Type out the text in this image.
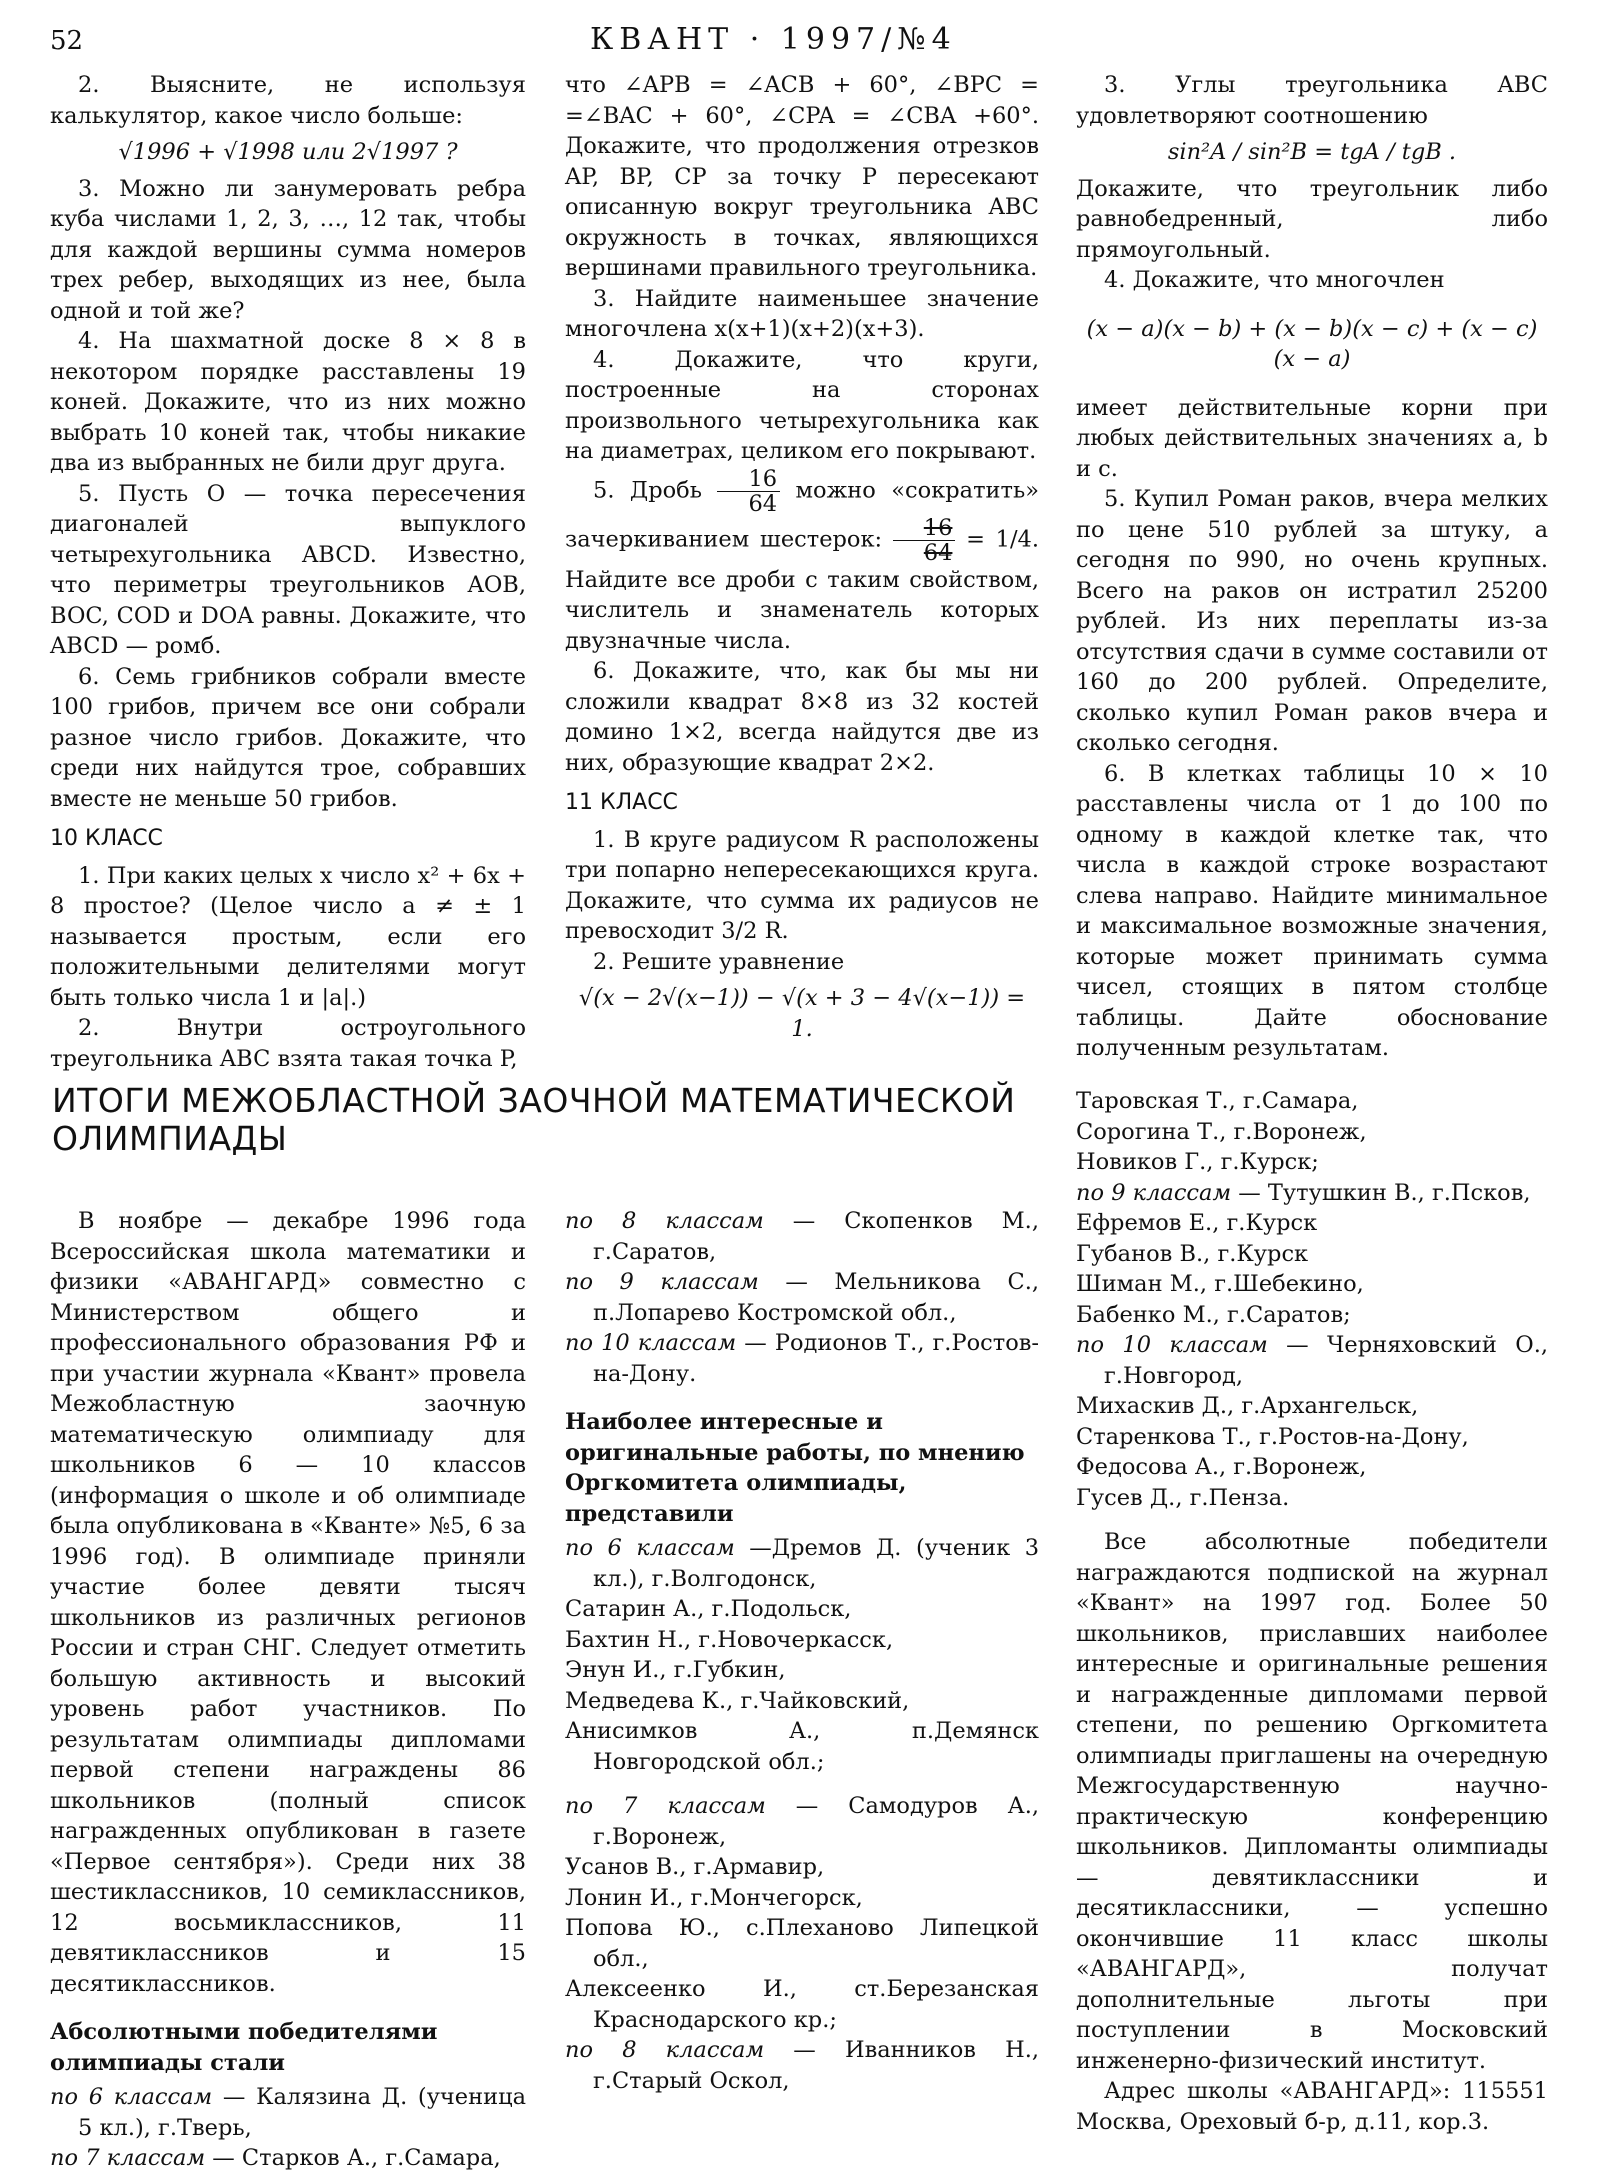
52	КВАНТ · 1997/№4

2. Выясните, не используя калькулятор, какое число больше:

√1996 + √1998 или 2√1997 ?

3. Можно ли занумеровать ребра куба числами 1, 2, 3, …, 12 так, чтобы для каждой вершины сумма номеров трех ребер, выходящих из нее, была одной и той же?

4. На шахматной доске 8 × 8 в некотором порядке расставлены 19 коней. Докажите, что из них можно выбрать 10 коней так, чтобы никакие два из выбранных не били друг друга.

5. Пусть O — точка пересечения диагоналей выпуклого четырехугольника ABCD. Известно, что периметры треугольников AOB, BOC, COD и DOA равны. Докажите, что ABCD — ромб.

6. Семь грибников собрали вместе 100 грибов, причем все они собрали разное число грибов. Докажите, что среди них найдутся трое, собравших вместе не меньше 50 грибов.

10 КЛАСС

1. При каких целых x число x² + 6x + 8 простое? (Целое число a ≠ ± 1 называется простым, если его положительными делителями могут быть только числа 1 и |a|.)

2. Внутри остроугольного треугольника ABC взята такая точка P,

что ∠APB = ∠ACB + 60°, ∠BPC = =∠BAC + 60°, ∠CPA = ∠CBA +60°. Докажите, что продолжения отрезков AP, BP, CP за точку P пересекают описанную вокруг треугольника ABC окружность в точках, являющихся вершинами правильного треугольника.

3. Найдите наименьшее значение многочлена x(x+1)(x+2)(x+3).

4. Докажите, что круги, построенные на сторонах произвольного четырехугольника как на диаметрах, целиком его покрывают.

5. Дробь $\frac{16}{64}$ можно «сократить» зачеркиванием шестерок: $\frac{16}{64} = 1/4$. Найдите все дроби с таким свойством, числитель и знаменатель которых двузначные числа.

6. Докажите, что, как бы мы ни сложили квадрат 8×8 из 32 костей домино 1×2, всегда найдутся две из них, образующие квадрат 2×2.

11 КЛАСС

1. В круге радиусом R расположены три попарно непересекающихся круга. Докажите, что сумма их радиусов не превосходит 3/2 R.

2. Решите уравнение

√(x − 2√(x−1)) − √(x + 3 − 4√(x−1)) = 1.

3. Углы треугольника ABC удовлетворяют соотношению

sin²A / sin²B = tgA / tgB .

Докажите, что треугольник либо равнобедренный, либо прямоугольный.

4. Докажите, что многочлен

(x − a)(x − b) + (x − b)(x − c) + (x − c)(x − a)

имеет действительные корни при любых действительных значениях a, b и c.

5. Купил Роман раков, вчера мелких по цене 510 рублей за штуку, а сегодня по 990, но очень крупных. Всего на раков он истратил 25200 рублей. Из них переплаты из-за отсутствия сдачи в сумме составили от 160 до 200 рублей. Определите, сколько купил Роман раков вчера и сколько сегодня.

6. В клетках таблицы 10 × 10 расставлены числа от 1 до 100 по одному в каждой клетке так, что числа в каждой строке возрастают слева направо. Найдите минимальное и максимальное возможные значения, которые может принимать сумма чисел, стоящих в пятом столбце таблицы. Дайте обоснование полученным результатам.

ИТОГИ МЕЖОБЛАСТНОЙ ЗАОЧНОЙ МАТЕМАТИЧЕСКОЙ ОЛИМПИАДЫ

В ноябре — декабре 1996 года Всероссийская школа математики и физики «АВАНГАРД» совместно с Министерством общего и профессионального образования РФ и при участии журнала «Квант» провела Межобластную заочную математическую олимпиаду для школьников 6 — 10 классов (информация о школе и об олимпиаде была опубликована в «Кванте» №5, 6 за 1996 год). В олимпиаде приняли участие более девяти тысяч школьников из различных регионов России и стран СНГ. Следует отметить большую активность и высокий уровень работ участников. По результатам олимпиады дипломами первой степени награждены 86 школьников (полный список награжденных опубликован в газете «Первое сентября»). Среди них 38 шестиклассников, 10 семиклассников, 12 восьмиклассников, 11 девятиклассников и 15 десятиклассников.

Абсолютными победителями олимпиады стали

по 6 классам — Калязина Д. (ученица 5 кл.), г.Тверь,

по 7 классам — Старков А., г.Самара,

по 8 классам — Скопенков М., г.Саратов,

по 9 классам — Мельникова С., п.Лопарево Костромской обл.,

по 10 классам — Родионов Т., г.Ростов-на-Дону.

Наиболее интересные и оригинальные работы, по мнению Оргкомитета олимпиады, представили

по 6 классам —Дремов Д. (ученик 3 кл.), г.Волгодонск,

Сатарин А., г.Подольск,

Бахтин Н., г.Новочеркасск,

Энун И., г.Губкин,

Медведева К., г.Чайковский,

Анисимков А., п.Демянск Новгородской обл.;

по 7 классам — Самодуров А., г.Воронеж,

Усанов В., г.Армавир,

Лонин И., г.Мончегорск,

Попова Ю., с.Плеханово Липецкой обл.,

Алексеенко И., ст.Березанская Краснодарского кр.;

по 8 классам — Иванников Н., г.Старый Оскол,

Таровская Т., г.Самара,

Сорогина Т., г.Воронеж,

Новиков Г., г.Курск;

по 9 классам — Тутушкин В., г.Псков,

Ефремов Е., г.Курск

Губанов В., г.Курск

Шиман М., г.Шебекино,

Бабенко М., г.Саратов;

по 10 классам — Черняховский О., г.Новгород,

Михаскив Д., г.Архангельск,

Старенкова Т., г.Ростов-на-Дону,

Федосова А., г.Воронеж,

Гусев Д., г.Пенза.

Все абсолютные победители награждаются подпиской на журнал «Квант» на 1997 год. Более 50 школьников, приславших наиболее интересные и оригинальные решения и награжденные дипломами первой степени, по решению Оргкомитета олимпиады приглашены на очередную Межгосударственную научно-практическую конференцию школьников. Дипломанты олимпиады — девятиклассники и десятиклассники, — успешно окончившие 11 класс школы «АВАНГАРД», получат дополнительные льготы при поступлении в Московский инженерно-физический институт.

Адрес школы «АВАНГАРД»: 115551 Москва, Ореховый б-р, д.11, кор.3.
